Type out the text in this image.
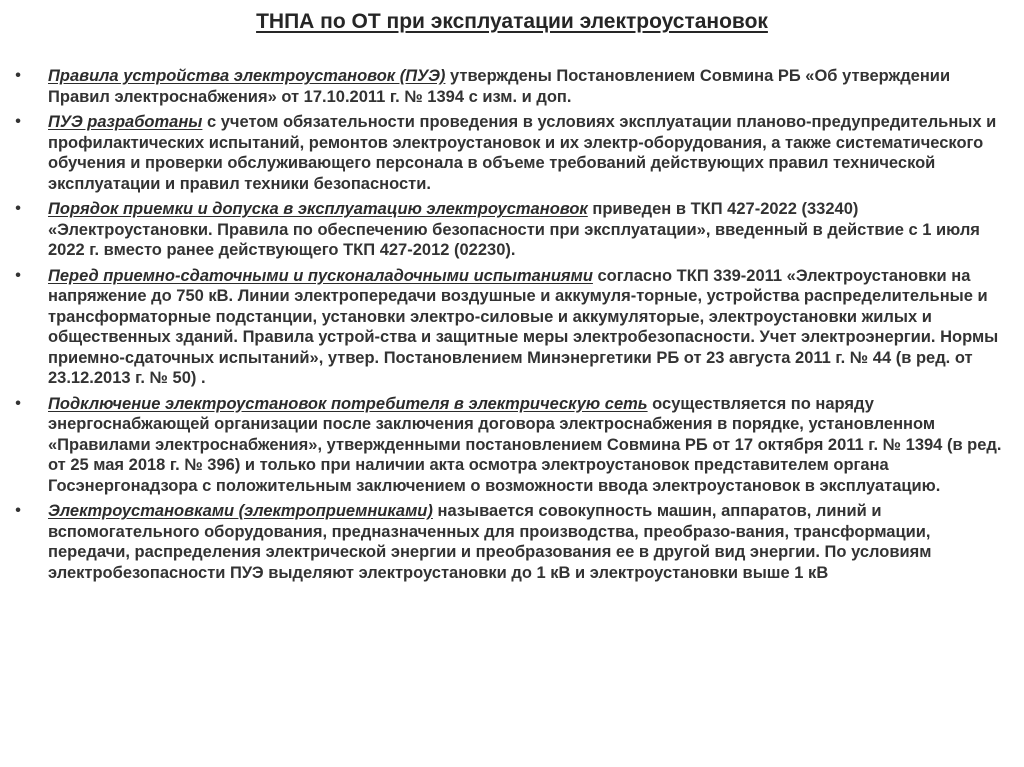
ТНПА по ОТ при эксплуатации электроустановок
•	Правила устройства электроустановок (ПУЭ) утверждены Постановлением Совмина РБ «Об утверждении Правил электроснабжения» от 17.10.2011 г. № 1394 с изм. и доп.
•	ПУЭ разработаны с учетом обязательности проведения в условиях эксплуатации планово-предупредительных и профилактических испытаний, ремонтов электроустановок и их электр-оборудования, а также систематического обучения и проверки обслуживающего персонала в объеме требований действующих правил технической эксплуатации и правил техники безопасности.
•	Порядок приемки и допуска в эксплуатацию электроустановок приведен в ТКП 427-2022 (33240) «Электроустановки. Правила по обеспечению безопасности при эксплуатации», введенный в действие с 1 июля 2022 г. вместо ранее действующего ТКП 427-2012 (02230).
•	Перед приемно-сдаточными и пусконаладочными испытаниями согласно ТКП 339-2011 «Электроустановки на напряжение до 750 кВ. Линии электропередачи воздушные и аккумуля-торные, устройства распределительные и трансформаторные подстанции, установки электро-силовые и аккумуляторые, электроустановки жилых и общественных зданий. Правила устрой-ства и защитные меры электробезопасности. Учет электроэнергии. Нормы приемно-сдаточных испытаний», утвер. Постановлением Минэнергетики РБ от 23 августа 2011 г. № 44 (в ред. от 23.12.2013 г. № 50) .
•	Подключение электроустановок потребителя в электрическую сеть осуществляется по наряду энергоснабжающей организации после заключения договора электроснабжения в порядке, установленном «Правилами электроснабжения», утвержденными постановлением Совмина РБ от 17 октября 2011 г. № 1394 (в ред. от 25 мая 2018 г. № 396) и только при наличии акта осмотра электроустановок представителем органа Госэнергонадзора с положительным заключением о возможности ввода электроустановок в эксплуатацию.
•	Электроустановками (электроприемниками) называется совокупность машин, аппаратов, линий и вспомогательного оборудования, предназначенных для производства, преобразо-вания, трансформации, передачи, распределения электрической энергии и преобразования ее в другой вид энергии. По условиям электробезопасности ПУЭ выделяют электроустановки до 1 кВ и электроустановки выше 1 кВ
